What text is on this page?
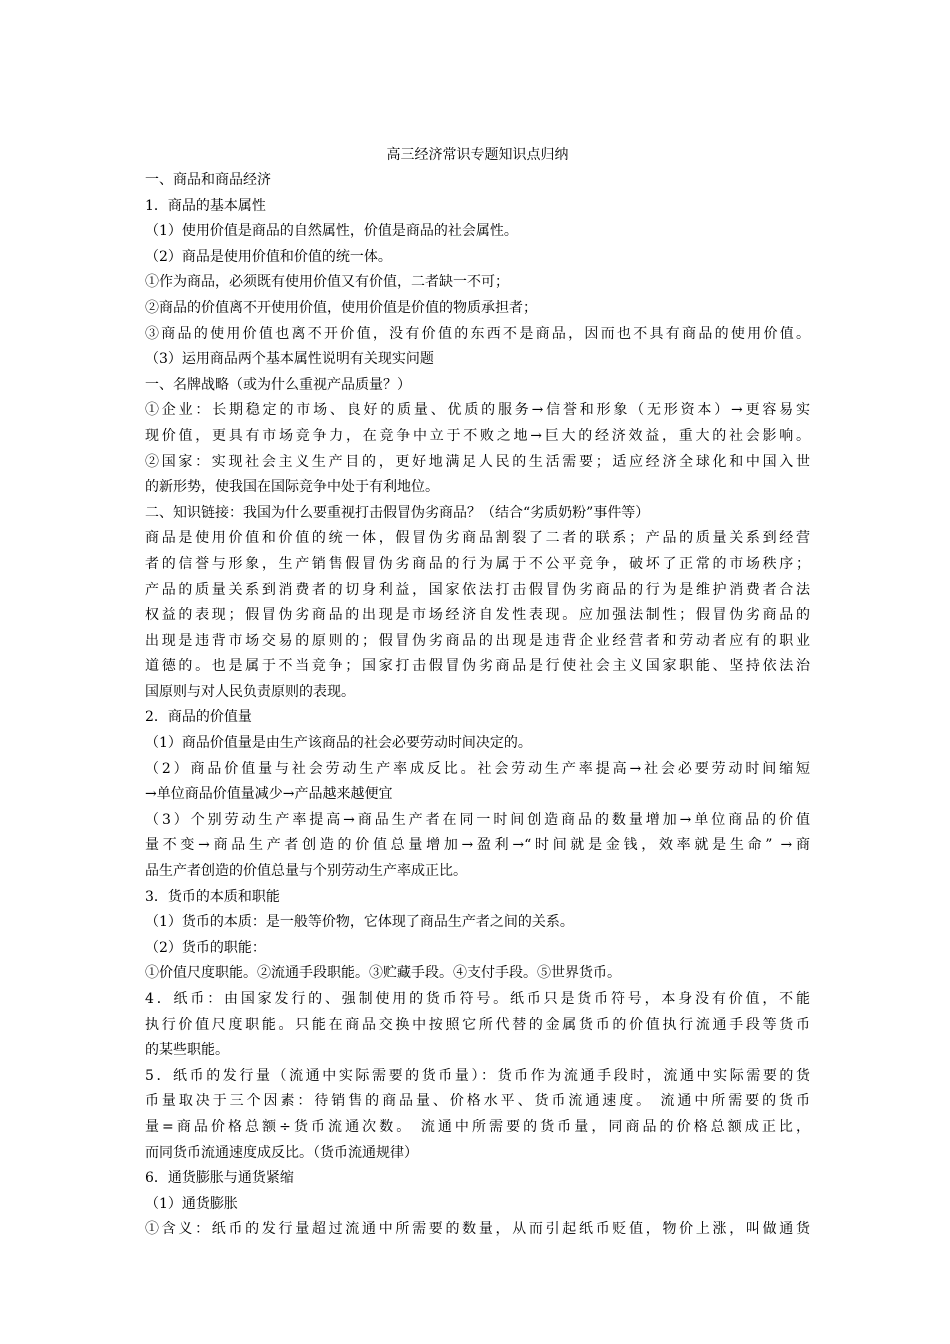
高三经济常识专题知识点归纳
一、商品和商品经济
1．商品的基本属性
（1）使用价值是商品的自然属性，价值是商品的社会属性。
（2）商品是使用价值和价值的统一体。
①作为商品，必须既有使用价值又有价值，二者缺一不可；
②商品的价值离不开使用价值，使用价值是价值的物质承担者；
③商品的使用价值也离不开价值，没有价值的东西不是商品，因而也不具有商品的使用价值。
（3）运用商品两个基本属性说明有关现实问题
一、名牌战略（或为什么重视产品质量？）
①企业：长期稳定的市场、良好的质量、优质的服务→信誉和形象（无形资本）→更容易实
现价值，更具有市场竞争力，在竞争中立于不败之地→巨大的经济效益，重大的社会影响。
②国家：实现社会主义生产目的，更好地满足人民的生活需要；适应经济全球化和中国入世
的新形势，使我国在国际竞争中处于有利地位。
二、知识链接：我国为什么要重视打击假冒伪劣商品？（结合“劣质奶粉”事件等）
商品是使用价值和价值的统一体，假冒伪劣商品割裂了二者的联系；产品的质量关系到经营
者的信誉与形象，生产销售假冒伪劣商品的行为属于不公平竞争，破坏了正常的市场秩序；
产品的质量关系到消费者的切身利益，国家依法打击假冒伪劣商品的行为是维护消费者合法
权益的表现；假冒伪劣商品的出现是市场经济自发性表现。应加强法制性；假冒伪劣商品的
出现是违背市场交易的原则的；假冒伪劣商品的出现是违背企业经营者和劳动者应有的职业
道德的。也是属于不当竞争；国家打击假冒伪劣商品是行使社会主义国家职能、坚持依法治
国原则与对人民负责原则的表现。
2．商品的价值量
（1）商品价值量是由生产该商品的社会必要劳动时间决定的。
（2）商品价值量与社会劳动生产率成反比。社会劳动生产率提高→社会必要劳动时间缩短
→单位商品价值量减少→产品越来越便宜
（3）个别劳动生产率提高→商品生产者在同一时间创造商品的数量增加→单位商品的价值
量不变→商品生产者创造的价值总量增加→盈利→“时间就是金钱，效率就是生命” →商
品生产者创造的价值总量与个别劳动生产率成正比。
3．货币的本质和职能
（1）货币的本质：是一般等价物，它体现了商品生产者之间的关系。
（2）货币的职能：
①价值尺度职能。②流通手段职能。③贮藏手段。④支付手段。⑤世界货币。
4．纸币：由国家发行的、强制使用的货币符号。纸币只是货币符号，本身没有价值，不能
执行价值尺度职能。只能在商品交换中按照它所代替的金属货币的价值执行流通手段等货币
的某些职能。
5．纸币的发行量（流通中实际需要的货币量）：货币作为流通手段时，流通中实际需要的货
币量取决于三个因素：待销售的商品量、价格水平、货币流通速度。 流通中所需要的货币
量=商品价格总额÷货币流通次数。 流通中所需要的货币量，同商品的价格总额成正比，
而同货币流通速度成反比。（货币流通规律）
6．通货膨胀与通货紧缩
（1）通货膨胀
①含义：纸币的发行量超过流通中所需要的数量，从而引起纸币贬值，物价上涨，叫做通货
